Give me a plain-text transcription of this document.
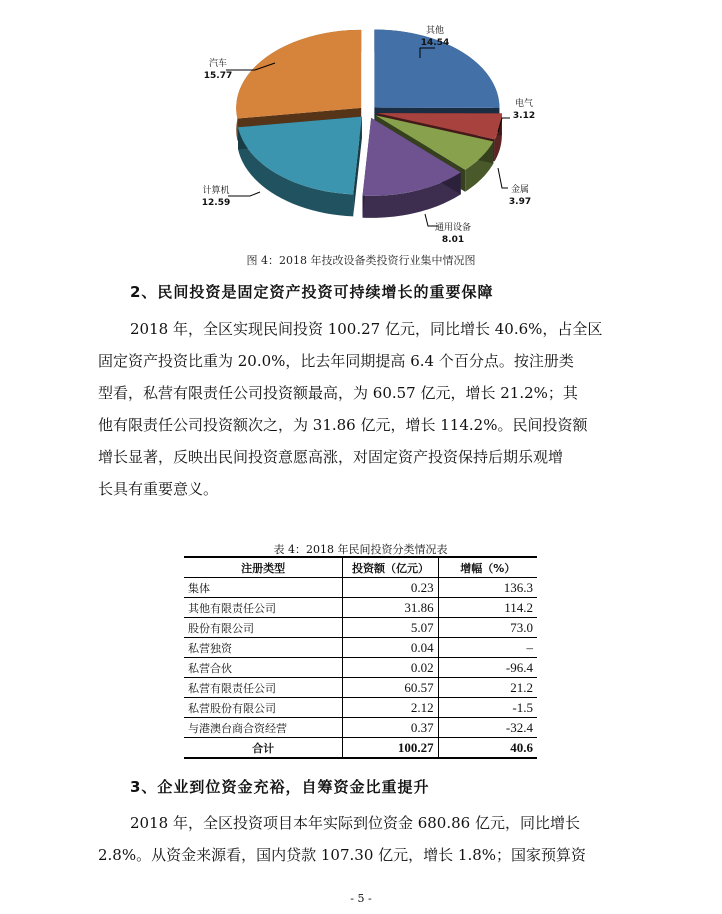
其他
14.54
电气
3.12
金属
3.97
通用设备
8.01
计算机
12.59
汽车
15.77
图 4：2018 年技改设备类投资行业集中情况图
2、民间投资是固定资产投资可持续增长的重要保障

2018 年，全区实现民间投资 100.27 亿元，同比增长 40.6%，占全区

固定资产投资比重为 20.0%，比去年同期提高 6.4 个百分点。按注册类

型看，私营有限责任公司投资额最高，为 60.57 亿元，增长 21.2%；其

他有限责任公司投资额次之，为 31.86 亿元，增长 114.2%。民间投资额

增长显著，反映出民间投资意愿高涨，对固定资产投资保持后期乐观增

长具有重要意义。

表 4：2018 年民间投资分类情况表
注册类型	投资额（亿元）	增幅（%）
集体	0.23	136.3
其他有限责任公司	31.86	114.2
股份有限公司	5.07	73.0
私营独资	0.04	–
私营合伙	0.02	-96.4
私营有限责任公司	60.57	21.2
私营股份有限公司	2.12	-1.5
与港澳台商合资经营	0.37	-32.4
合计	100.27	40.6
3、企业到位资金充裕，自筹资金比重提升

2018 年，全区投资项目本年实际到位资金 680.86 亿元，同比增长

2.8%。从资金来源看，国内贷款 107.30 亿元，增长 1.8%；国家预算资

- 5 -
